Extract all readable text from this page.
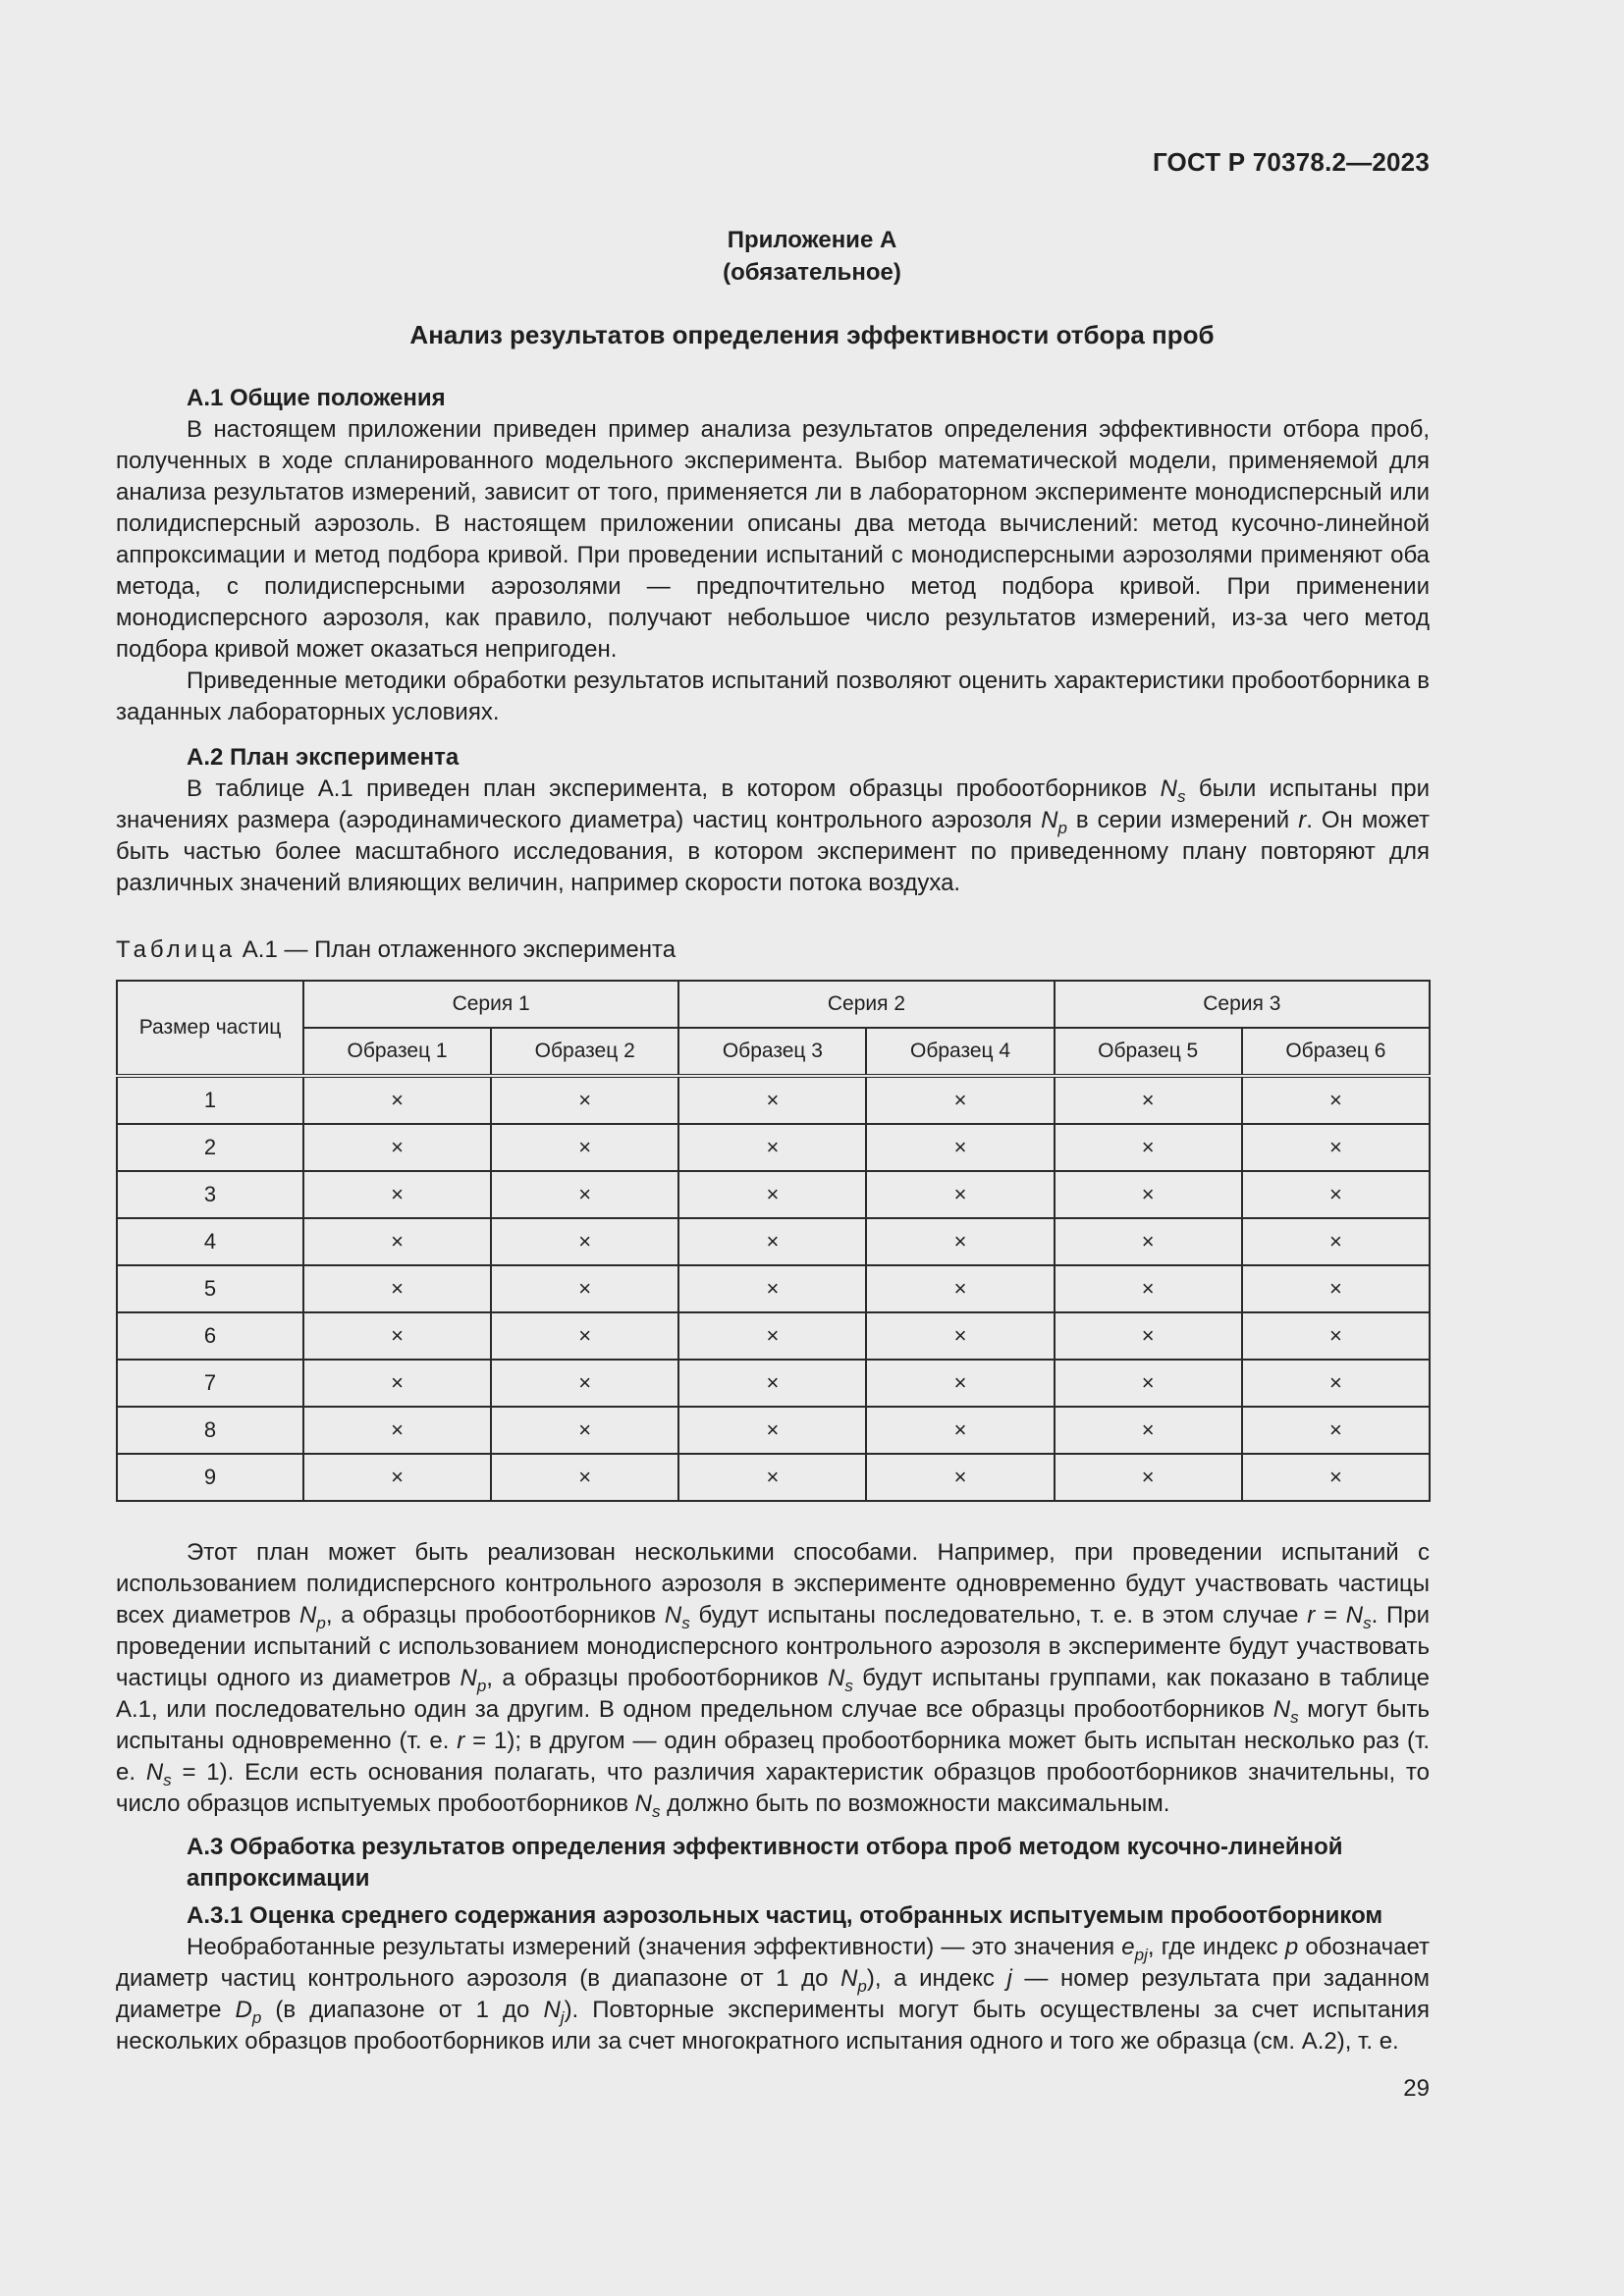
ГОСТ Р 70378.2—2023
Приложение А
(обязательное)
Анализ результатов определения эффективности отбора проб
А.1 Общие положения

В настоящем приложении приведен пример анализа результатов определения эффективности отбора проб, полученных в ходе спланированного модельного эксперимента. Выбор математической модели, применяемой для анализа результатов измерений, зависит от того, применяется ли в лабораторном эксперименте монодисперсный или полидисперсный аэрозоль. В настоящем приложении описаны два метода вычислений: метод кусочно-линейной аппроксимации и метод подбора кривой. При проведении испытаний с монодисперсными аэрозолями применяют оба метода, с полидисперсными аэрозолями — предпочтительно метод подбора кривой. При применении монодисперсного аэрозоля, как правило, получают небольшое число результатов измерений, из-за чего метод подбора кривой может оказаться непригоден.

Приведенные методики обработки результатов испытаний позволяют оценить характеристики пробоотборника в заданных лабораторных условиях.

А.2 План эксперимента

В таблице А.1 приведен план эксперимента, в котором образцы пробоотборников $N_s$ были испытаны при значениях размера (аэродинамического диаметра) частиц контрольного аэрозоля $N_p$ в серии измерений r. Он может быть частью более масштабного исследования, в котором эксперимент по приведенному плану повторяют для различных значений влияющих величин, например скорости потока воздуха.

Таблица А.1 — План отлаженного эксперимента
Размер частиц	Серия 1		Серия 2		Серия 3	
	Образец 1	Образец 2	Образец 3	Образец 4	Образец 5	Образец 6
1	×	×	×	×	×	×
2	×	×	×	×	×	×
3	×	×	×	×	×	×
4	×	×	×	×	×	×
5	×	×	×	×	×	×
6	×	×	×	×	×	×
7	×	×	×	×	×	×
8	×	×	×	×	×	×
9	×	×	×	×	×	×

Этот план может быть реализован несколькими способами. Например, при проведении испытаний с использованием полидисперсного контрольного аэрозоля в эксперименте одновременно будут участвовать частицы всех диаметров $N_p$, а образцы пробоотборников $N_s$ будут испытаны последовательно, т. е. в этом случае $r = N_s$. При проведении испытаний с использованием монодисперсного контрольного аэрозоля в эксперименте будут участвовать частицы одного из диаметров $N_p$, а образцы пробоотборников $N_s$ будут испытаны группами, как показано в таблице А.1, или последовательно один за другим. В одном предельном случае все образцы пробоотборников $N_s$ могут быть испытаны одновременно (т. е. r = 1); в другом — один образец пробоотборника может быть испытан несколько раз (т. е. $N_s = 1$). Если есть основания полагать, что различия характеристик образцов пробоотборников значительны, то число образцов испытуемых пробоотборников $N_s$ должно быть по возможности максимальным.

А.3 Обработка результатов определения эффективности отбора проб методом кусочно-линейной аппроксимации
А.3.1 Оценка среднего содержания аэрозольных частиц, отобранных испытуемым пробоотборником

Необработанные результаты измерений (значения эффективности) — это значения $e_{pj}$, где индекс p обозначает диаметр частиц контрольного аэрозоля (в диапазоне от 1 до $N_p$), а индекс j — номер результата при заданном диаметре $D_p$ (в диапазоне от 1 до $N_j$). Повторные эксперименты могут быть осуществлены за счет испытания нескольких образцов пробоотборников или за счет многократного испытания одного и того же образца (см. А.2), т. е.

29
